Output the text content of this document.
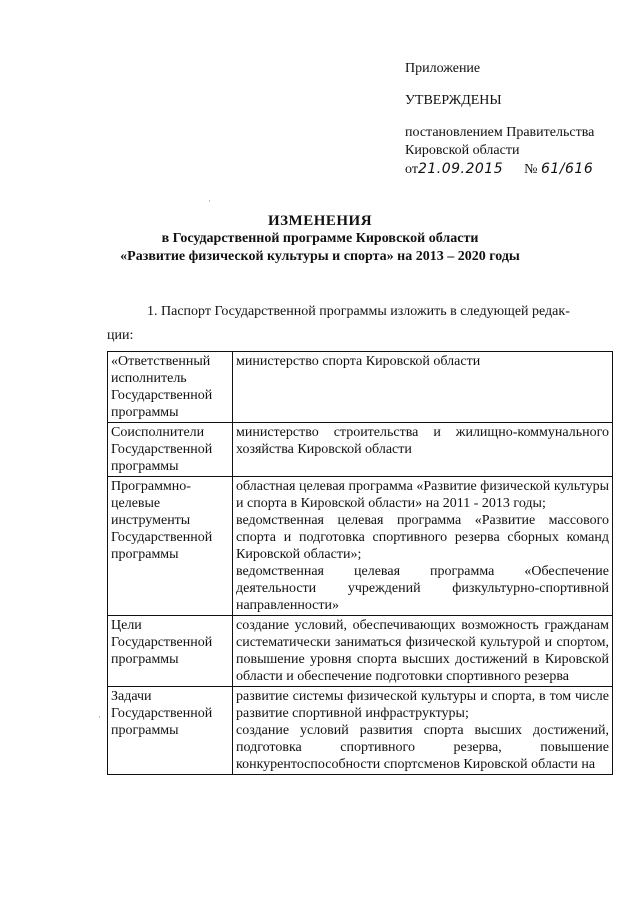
Приложение
УТВЕРЖДЕНЫ
постановлением Правительства
Кировской области
от21.09.2015 № 61/616
ИЗМЕНЕНИЯ
в Государственной программе Кировской области
«Развитие физической культуры и спорта» на 2013 – 2020 годы
1. Паспорт Государственной программы изложить в следующей редак-
ции:
«Ответственный исполнитель Государственной программы	министерство спорта Кировской области
Соисполнители Государственной программы	министерство строительства и жилищно-коммунального хозяйства Кировской области
Программно-целевые инструменты Государственной программы	областная целевая программа «Развитие физической культуры и спорта в Кировской области» на 2011 - 2013 годы;
ведомственная целевая программа «Развитие массового спорта и подготовка спортивного резерва сборных команд Кировской области»;
ведомственная целевая программа «Обеспечение деятельности учреждений физкультурно-спортивной направленности»

Цели Государственной программы	создание условий, обеспечивающих возможность гражданам систематически заниматься физической культурой и спортом, повышение уровня спорта высших достижений в Кировской области и обеспечение подготовки спортивного резерва
Задачи Государственной программы	развитие системы физической культуры и спорта, в том числе развитие спортивной инфраструктуры;
создание условий развития спорта высших достижений, подготовка спортивного резерва, повышение конкурентоспособности спортсменов Кировской области на
·
·
